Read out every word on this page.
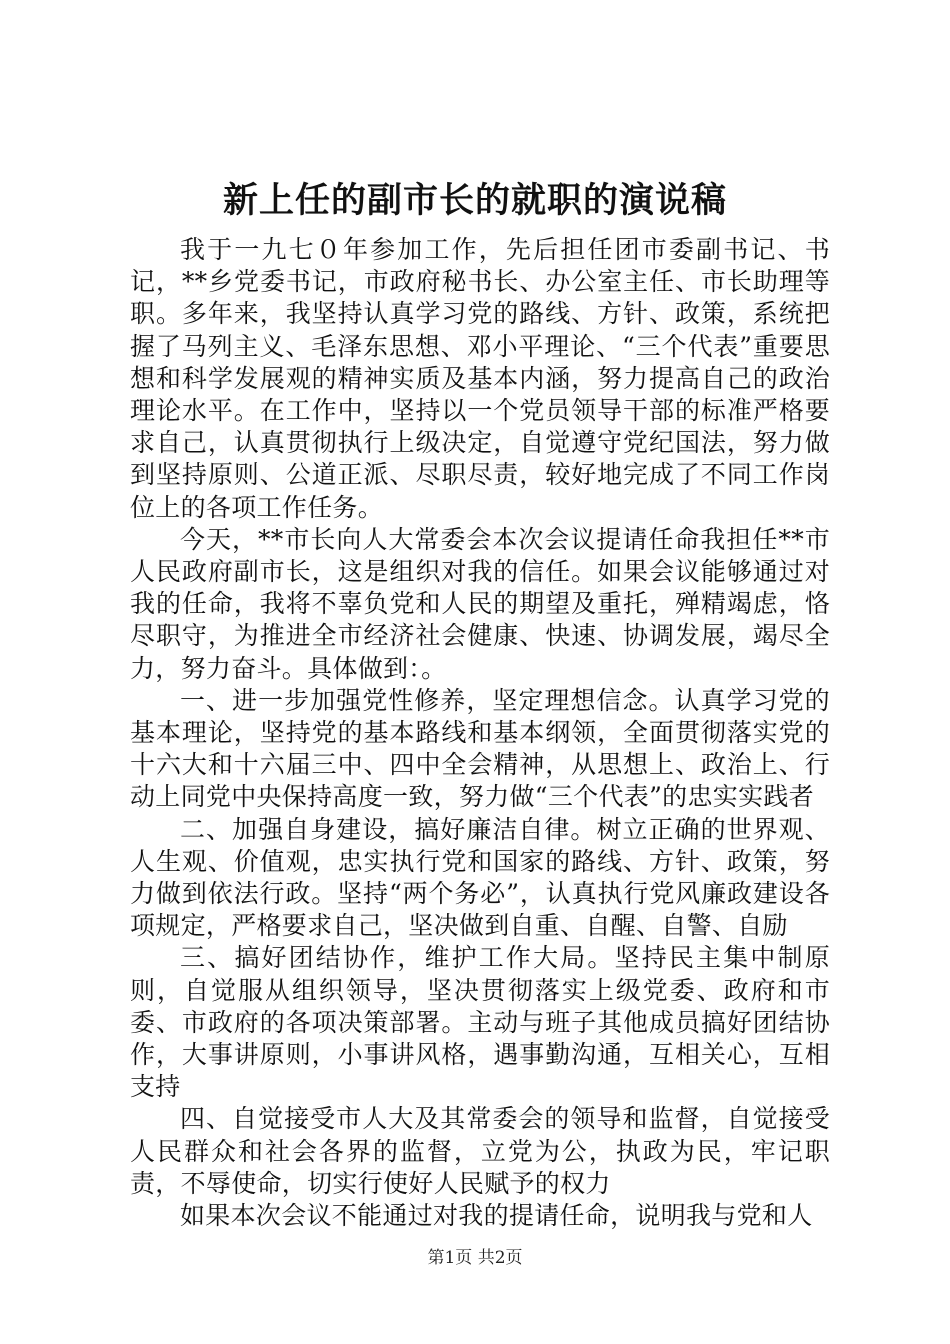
新上任的副市长的就职的演说稿

我于一九七０年参加工作，先后担任团市委副书记、书记，**乡党委书记，市政府秘书长、办公室主任、市长助理等职。多年来，我坚持认真学习党的路线、方针、政策，系统把握了马列主义、毛泽东思想、邓小平理论、“三个代表”重要思想和科学发展观的精神实质及基本内涵，努力提高自己的政治理论水平。在工作中，坚持以一个党员领导干部的标准严格要求自己，认真贯彻执行上级决定，自觉遵守党纪国法，努力做到坚持原则、公道正派、尽职尽责，较好地完成了不同工作岗位上的各项工作任务。

今天，**市长向人大常委会本次会议提请任命我担任**市人民政府副市长，这是组织对我的信任。如果会议能够通过对我的任命，我将不辜负党和人民的期望及重托，殚精竭虑，恪尽职守，为推进全市经济社会健康、快速、协调发展，竭尽全力，努力奋斗。具体做到：。

一、进一步加强党性修养，坚定理想信念。认真学习党的基本理论，坚持党的基本路线和基本纲领，全面贯彻落实党的十六大和十六届三中、四中全会精神，从思想上、政治上、行动上同党中央保持高度一致，努力做“三个代表”的忠实实践者

二、加强自身建设，搞好廉洁自律。树立正确的世界观、人生观、价值观，忠实执行党和国家的路线、方针、政策，努力做到依法行政。坚持“两个务必”，认真执行党风廉政建设各项规定，严格要求自己，坚决做到自重、自醒、自警、自励

三、搞好团结协作，维护工作大局。坚持民主集中制原则，自觉服从组织领导，坚决贯彻落实上级党委、政府和市委、市政府的各项决策部署。主动与班子其他成员搞好团结协作，大事讲原则，小事讲风格，遇事勤沟通，互相关心，互相支持

四、自觉接受市人大及其常委会的领导和监督，自觉接受人民群众和社会各界的监督，立党为公，执政为民，牢记职责，不辱使命，切实行使好人民赋予的权力

如果本次会议不能通过对我的提请任命，说明我与党和人

第1页 共2页
